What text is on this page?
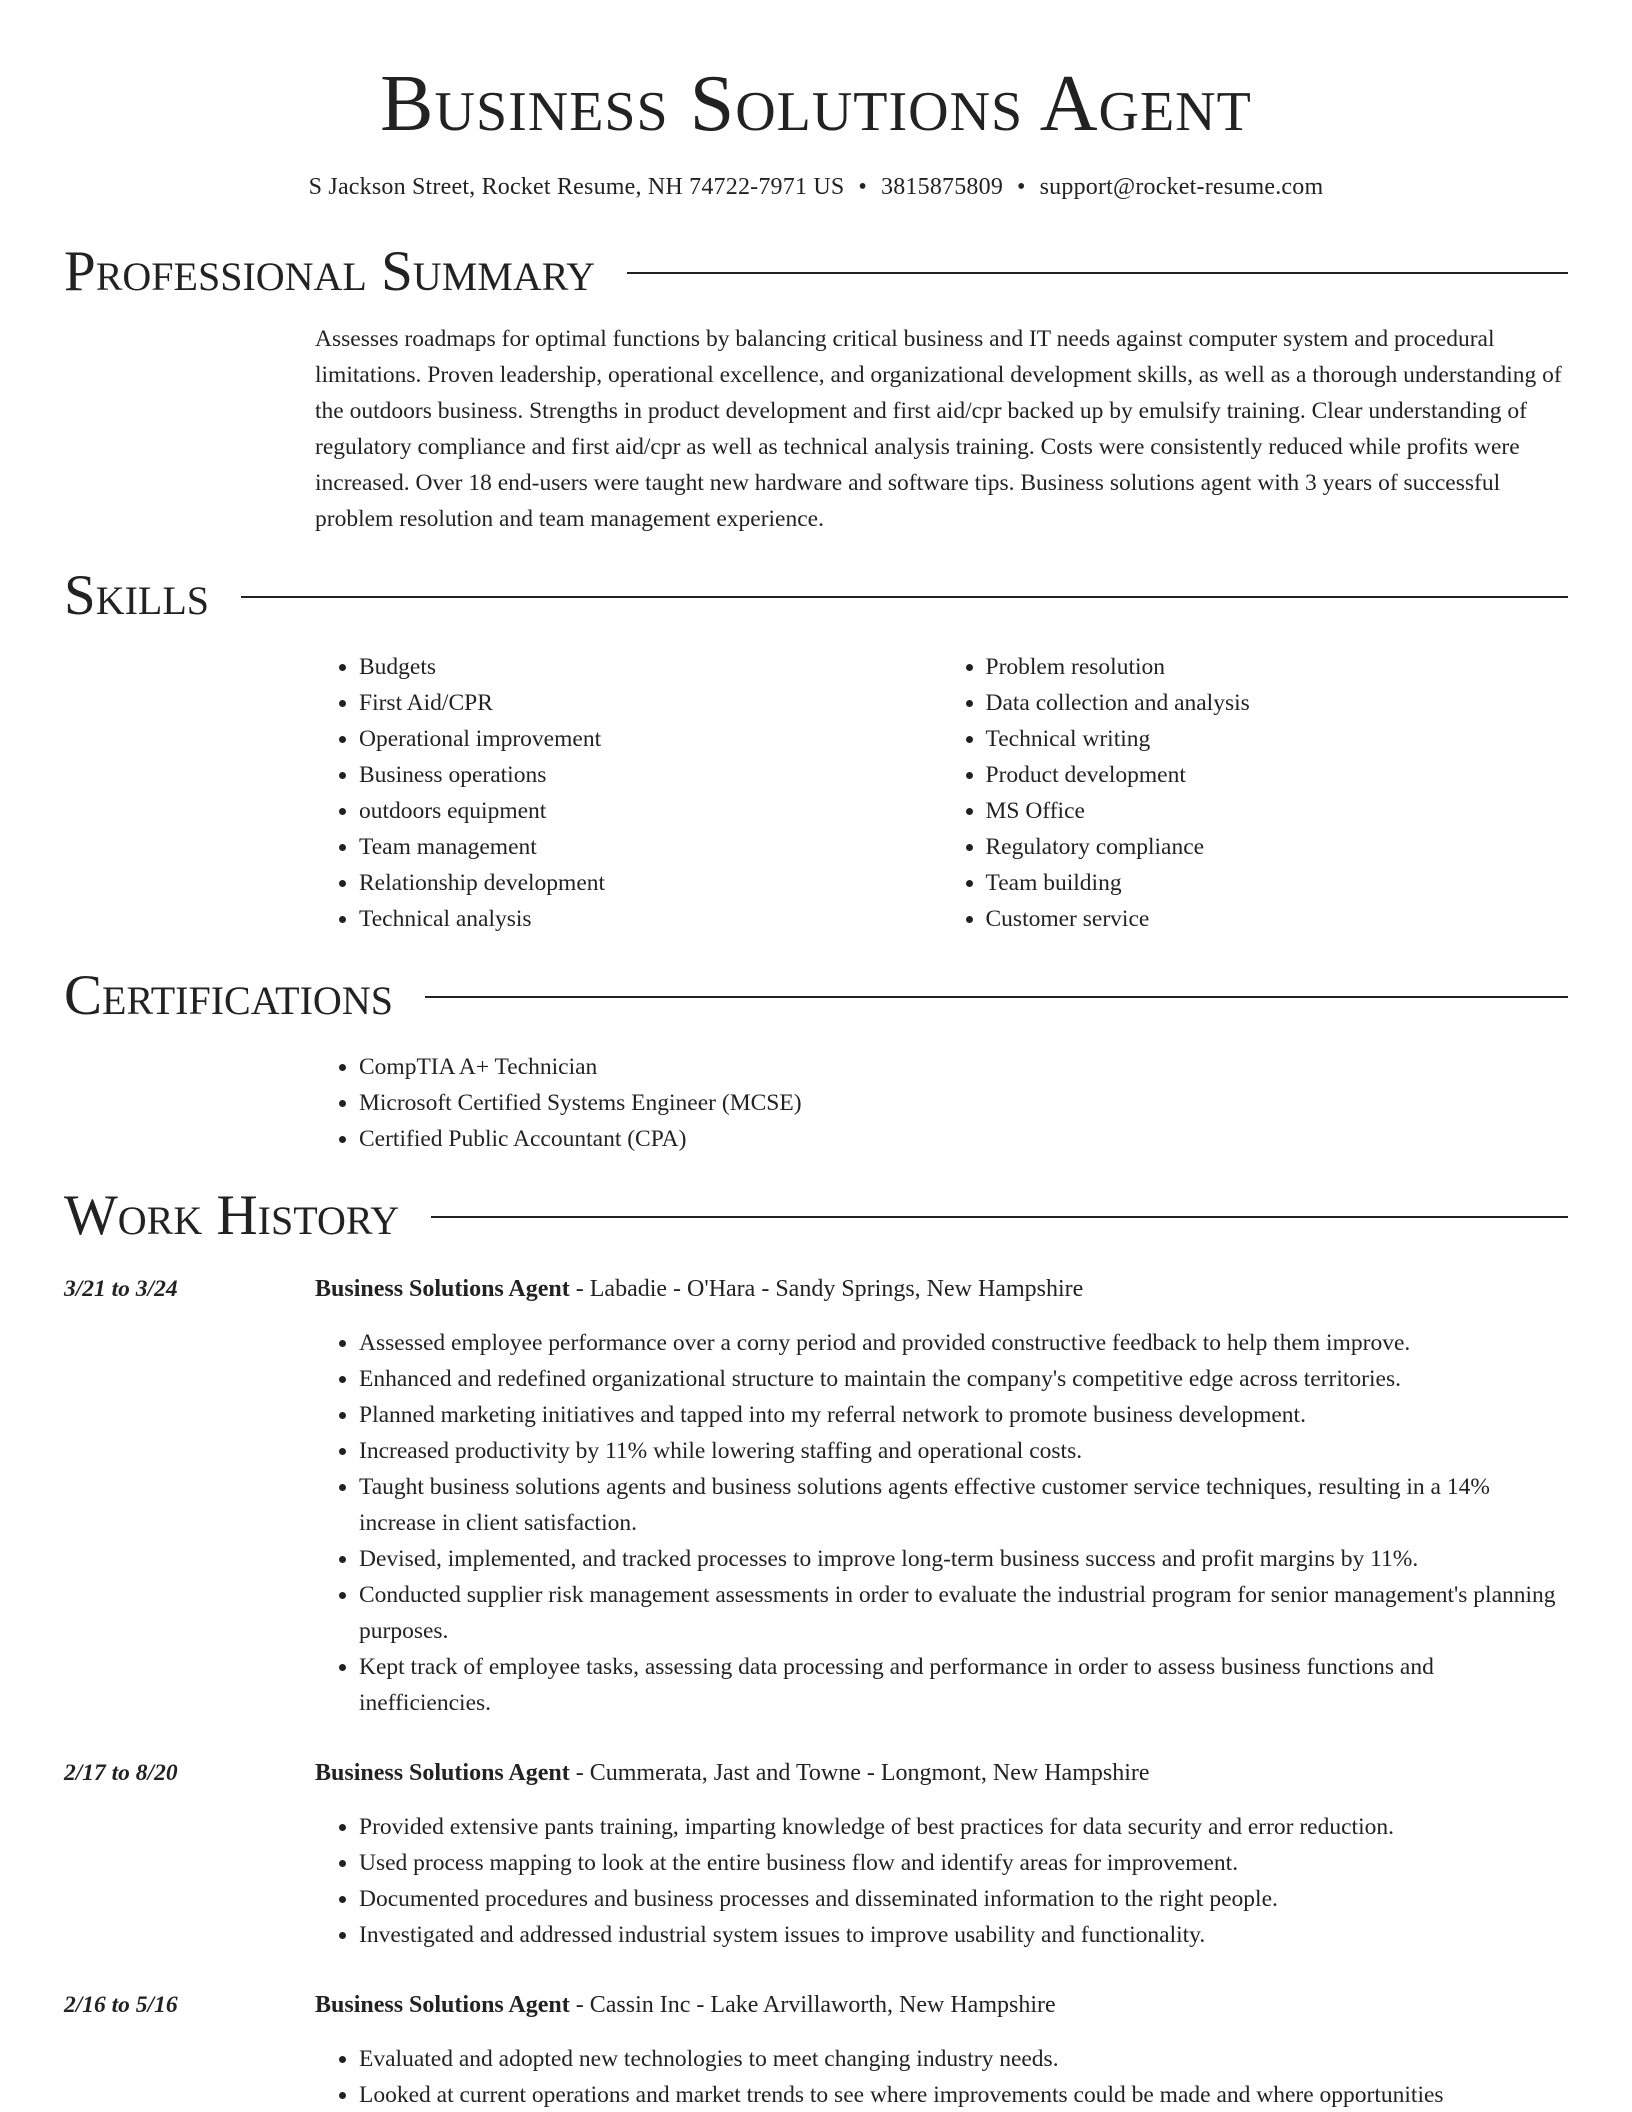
Business Solutions Agent
S Jackson Street, Rocket Resume, NH 74722-7971 US • 3815875809 • support@rocket-resume.com
Professional Summary

Assesses roadmaps for optimal functions by balancing critical business and IT needs against computer system and procedural limitations. Proven leadership, operational excellence, and organizational development skills, as well as a thorough understanding of the outdoors business. Strengths in product development and first aid/cpr backed up by emulsify training. Clear understanding of regulatory compliance and first aid/cpr as well as technical analysis training. Costs were consistently reduced while profits were increased. Over 18 end-users were taught new hardware and software tips. Business solutions agent with 3 years of successful problem resolution and team management experience.

Skills
• Budgets
• First Aid/CPR
• Operational improvement
• Business operations
• outdoors equipment
• Team management
• Relationship development
• Technical analysis
• Problem resolution
• Data collection and analysis
• Technical writing
• Product development
• MS Office
• Regulatory compliance
• Team building
• Customer service
Certifications
• CompTIA A+ Technician
• Microsoft Certified Systems Engineer (MCSE)
• Certified Public Accountant (CPA)
Work History
3/21 to 3/24	Business Solutions Agent - Labadie - O'Hara - Sandy Springs, New Hampshire

• Assessed employee performance over a corny period and provided constructive feedback to help them improve.
• Enhanced and redefined organizational structure to maintain the company's competitive edge across territories.
• Planned marketing initiatives and tapped into my referral network to promote business development.
• Increased productivity by 11% while lowering staffing and operational costs.
• Taught business solutions agents and business solutions agents effective customer service techniques, resulting in a 14% increase in client satisfaction.
• Devised, implemented, and tracked processes to improve long-term business success and profit margins by 11%.
• Conducted supplier risk management assessments in order to evaluate the industrial program for senior management's planning purposes.
• Kept track of employee tasks, assessing data processing and performance in order to assess business functions and inefficiencies.
2/17 to 8/20	Business Solutions Agent - Cummerata, Jast and Towne - Longmont, New Hampshire

• Provided extensive pants training, imparting knowledge of best practices for data security and error reduction.
• Used process mapping to look at the entire business flow and identify areas for improvement.
• Documented procedures and business processes and disseminated information to the right people.
• Investigated and addressed industrial system issues to improve usability and functionality.
2/16 to 5/16	Business Solutions Agent - Cassin Inc - Lake Arvillaworth, New Hampshire

• Evaluated and adopted new technologies to meet changing industry needs.
• Looked at current operations and market trends to see where improvements could be made and where opportunities
